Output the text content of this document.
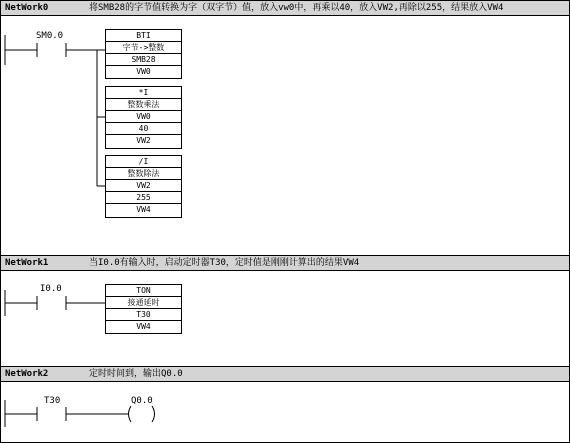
NetWork0	将SMB28的字节值转换为字（双字节）值，放入vw0中，再乘以40，放入VW2,再除以255，结果放入VW4
SM0.0	BTI
字节->整数
SMB28
VW0
*I
整数乘法
VW0
40
VW2
/I
整数除法
VW2
255
VW4
NetWork1	当I0.0有输入时，启动定时器T30，定时值是刚刚计算出的结果VW4
I0.0	TON
接通延时
T30
VW4
NetWork2	定时时间到，输出Q0.0
T30	Q0.0
